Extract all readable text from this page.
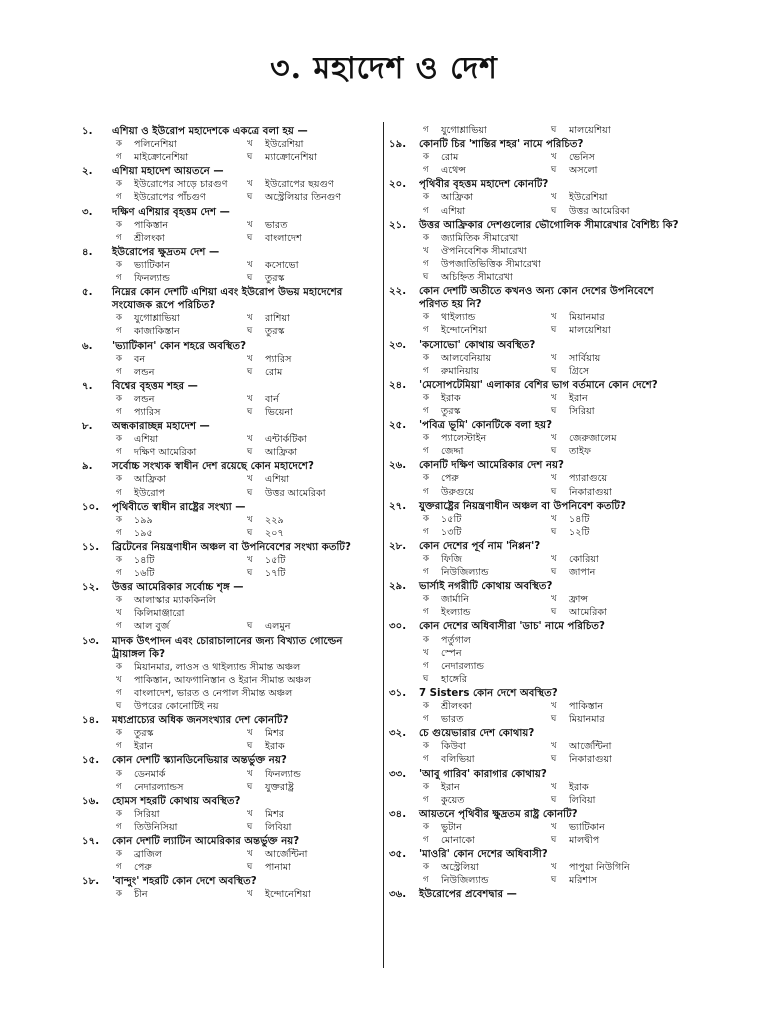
৩. মহাদেশ ও দেশ
১.	এশিয়া ও ইউরোপ মহাদেশকে একত্রে বলা হয় —
ক	পলিনেশিয়া	খ	ইউরেশিয়া
গ	মাইক্রোনেশিয়া	ঘ	ম্যাক্রোনেশিয়া
২.	এশিয়া মহাদেশ আয়তনে —
ক	ইউরোপের সাড়ে চারগুণ	খ	ইউরোপের ছয়গুণ
গ	ইউরোপের পাঁচগুণ	ঘ	অস্ট্রেলিয়ার তিনগুণ
৩.	দক্ষিণ এশিয়ার বৃহত্তম দেশ —
ক	পাকিস্তান	খ	ভারত
গ	শ্রীলংকা	ঘ	বাংলাদেশ
৪.	ইউরোপের ক্ষুদ্রতম দেশ —
ক	ভ্যাটিকান	খ	কসোভো
গ	ফিনল্যান্ড	ঘ	তুরস্ক
৫.	নিম্নের কোন দেশটি এশিয়া এবং ইউরোপ উভয় মহাদেশের
সংযোজক রূপে পরিচিত?
ক	যুগোশ্লাভিয়া	খ	রাশিয়া
গ	কাজাকিস্তান	ঘ	তুরস্ক
৬.	'ভ্যাটিকান' কোন শহরে অবস্থিত?
ক	বন	খ	প্যারিস
গ	লন্ডন	ঘ	রোম
৭.	বিশ্বের বৃহত্তম শহর —
ক	লন্ডন	খ	বার্ন
গ	প্যারিস	ঘ	ভিয়েনা
৮.	অন্ধকারাচ্ছন্ন মহাদেশ —
ক	এশিয়া	খ	এন্টার্কটিকা
গ	দক্ষিণ আমেরিকা	ঘ	আফ্রিকা
৯.	সর্বোচ্চ সংখ্যক স্বাধীন দেশ রয়েছে কোন মহাদেশে?
ক	আফ্রিকা	খ	এশিয়া
গ	ইউরোপ	ঘ	উত্তর আমেরিকা
১০.	পৃথিবীতে স্বাধীন রাষ্ট্রের সংখ্যা —
ক	১৯৯	খ	২২৯
গ	১৯৫	ঘ	২০৭
১১.	ব্রিটেনের নিয়ন্ত্রণাধীন অঞ্চল বা উপনিবেশের সংখ্যা কতটি?
ক	১৪টি	খ	১৫টি
গ	১৬টি	ঘ	১৭টি
১২.	উত্তর আমেরিকার সর্বোচ্চ শৃঙ্গ —
ক	আলাস্কার ম্যাককিনলি
খ	কিলিমাঞ্জারো
গ	আল বুর্জ	ঘ	এলমুন
১৩.	মাদক উৎপাদন এবং চোরাচালানের জন্য বিখ্যাত গোল্ডেন
ট্রায়াঙ্গল কি?
ক	মিয়ানমার, লাওস ও থাইল্যান্ড সীমান্ত অঞ্চল
খ	পাকিস্তান, আফগানিস্তান ও ইরান সীমান্ত অঞ্চল
গ	বাংলাদেশ, ভারত ও নেপাল সীমান্ত অঞ্চল
ঘ	উপরের কোনোটিই নয়
১৪.	মধ্যপ্রাচ্যের অধিক জনসংখ্যার দেশ কোনটি?
ক	তুরস্ক	খ	মিশর
গ	ইরান	ঘ	ইরাক
১৫.	কোন দেশটি স্ক্যানডিনেভিয়ার অন্তর্ভুক্ত নয়?
ক	ডেনমার্ক	খ	ফিনল্যান্ড
গ	নেদারল্যান্ডস	ঘ	যুক্তরাষ্ট্র
১৬.	হোমস শহরটি কোথায় অবস্থিত?
ক	সিরিয়া	খ	মিশর
গ	তিউনিসিয়া	ঘ	লিবিয়া
১৭.	কোন দেশটি ল্যাটিন আমেরিকার অন্তর্ভুক্ত নয়?
ক	ব্রাজিল	খ	আর্জেন্টিনা
গ	পেরু	ঘ	পানামা
১৮.	'বান্দুং' শহরটি কোন দেশে অবস্থিত?
ক	চীন	খ	ইন্দোনেশিয়া
গ	যুগোশ্লাভিয়া	ঘ	মালয়েশিয়া
১৯.	কোনটি চির 'শান্তির শহর' নামে পরিচিত?
ক	রোম	খ	ভেনিস
গ	এথেন্স	ঘ	অসলো
২০.	পৃথিবীর বৃহত্তম মহাদেশ কোনটি?
ক	আফ্রিকা	খ	ইউরেশিয়া
গ	এশিয়া	ঘ	উত্তর আমেরিকা
২১.	উত্তর আফ্রিকার দেশগুলোর ভৌগোলিক সীমারেখার বৈশিষ্ট্য কি?
ক	জ্যামিতিক সীমারেখা
খ	ঔপনিবেশিক সীমারেখা
গ	উপজাতিভিত্তিক সীমারেখা
ঘ	অচিহ্নিত সীমারেখা
২২.	কোন দেশটি অতীতে কখনও অন্য কোন দেশের উপনিবেশে
পরিণত হয় নি?
ক	থাইল্যান্ড	খ	মিয়ানমার
গ	ইন্দোনেশিয়া	ঘ	মালয়েশিয়া
২৩.	'কসোভো' কোথায় অবস্থিত?
ক	আলবেনিয়ায়	খ	সার্বিয়ায়
গ	রুমানিয়ায়	ঘ	গ্রিসে
২৪.	'মেসোপটেমিয়া' এলাকার বেশির ভাগ বর্তমানে কোন দেশে?
ক	ইরাক	খ	ইরান
গ	তুরস্ক	ঘ	সিরিয়া
২৫.	'পবিত্র ভূমি' কোনটিকে বলা হয়?
ক	প্যালেস্টাইন	খ	জেরুজালেম
গ	জেদ্দা	ঘ	তাইফ
২৬.	কোনটি দক্ষিণ আমেরিকার দেশ নয়?
ক	পেরু	খ	প্যারাগুয়ে
গ	উরুগুয়ে	ঘ	নিকারাগুয়া
২৭.	যুক্তরাষ্ট্রের নিয়ন্ত্রণাধীন অঞ্চল বা উপনিবেশ কতটি?
ক	১৫টি	খ	১৪টি
গ	১৩টি	ঘ	১২টি
২৮.	কোন দেশের পূর্ব নাম 'নিপ্পন'?
ক	ফিজি	খ	কোরিয়া
গ	নিউজিল্যান্ড	ঘ	জাপান
২৯.	ভার্সাই নগরীটি কোথায় অবস্থিত?
ক	জার্মানি	খ	ফ্রান্স
গ	ইংল্যান্ড	ঘ	আমেরিকা
৩০.	কোন দেশের অধিবাসীরা 'ডাচ' নামে পরিচিত?
ক	পর্তুগাল
খ	স্পেন
গ	নেদারল্যান্ড
ঘ	হাঙ্গেরি
৩১.	7 Sisters কোন দেশে অবস্থিত?
ক	শ্রীলংকা	খ	পাকিস্তান
গ	ভারত	ঘ	মিয়ানমার
৩২.	চে গুয়েভারার দেশ কোথায়?
ক	কিউবা	খ	আর্জেন্টিনা
গ	বলিভিয়া	ঘ	নিকারাগুয়া
৩৩.	'আবু গারিব' কারাগার কোথায়?
ক	ইরান	খ	ইরাক
গ	কুয়েত	ঘ	লিবিয়া
৩৪.	আয়তনে পৃথিবীর ক্ষুদ্রতম রাষ্ট্র কোনটি?
ক	ভুটান	খ	ভ্যাটিকান
গ	মোনাকো	ঘ	মালদ্বীপ
৩৫.	'মাওরি' কোন দেশের অধিবাসী?
ক	অস্ট্রেলিয়া	খ	পাপুয়া নিউগিনি
গ	নিউজিল্যান্ড	ঘ	মরিশাস
৩৬.	ইউরোপের প্রবেশদ্বার —
